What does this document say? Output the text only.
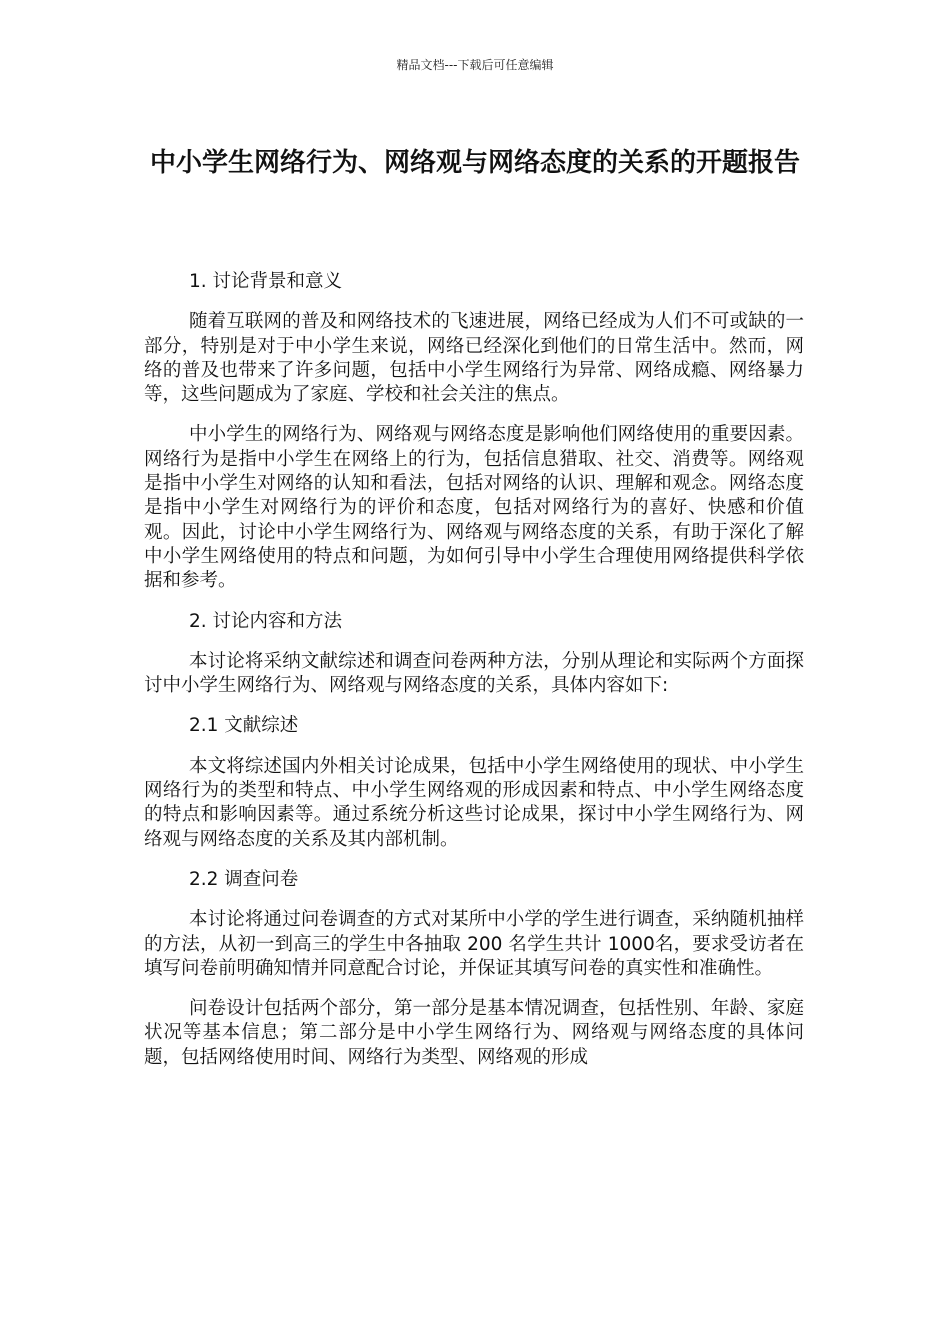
精品文档---下载后可任意编辑
中小学生网络行为、网络观与网络态度的关系的开题报告
1. 讨论背景和意义

随着互联网的普及和网络技术的飞速进展，网络已经成为人们不可或缺的一部分，特别是对于中小学生来说，网络已经深化到他们的日常生活中。然而，网络的普及也带来了许多问题，包括中小学生网络行为异常、网络成瘾、网络暴力等，这些问题成为了家庭、学校和社会关注的焦点。

中小学生的网络行为、网络观与网络态度是影响他们网络使用的重要因素。网络行为是指中小学生在网络上的行为，包括信息猎取、社交、消费等。网络观是指中小学生对网络的认知和看法，包括对网络的认识、理解和观念。网络态度是指中小学生对网络行为的评价和态度，包括对网络行为的喜好、快感和价值观。因此，讨论中小学生网络行为、网络观与网络态度的关系，有助于深化了解中小学生网络使用的特点和问题，为如何引导中小学生合理使用网络提供科学依据和参考。

2. 讨论内容和方法

本讨论将采纳文献综述和调查问卷两种方法，分别从理论和实际两个方面探讨中小学生网络行为、网络观与网络态度的关系，具体内容如下:

2.1 文献综述

本文将综述国内外相关讨论成果，包括中小学生网络使用的现状、中小学生网络行为的类型和特点、中小学生网络观的形成因素和特点、中小学生网络态度的特点和影响因素等。通过系统分析这些讨论成果，探讨中小学生网络行为、网络观与网络态度的关系及其内部机制。

2.2 调查问卷

本讨论将通过问卷调查的方式对某所中小学的学生进行调查，采纳随机抽样的方法，从初一到高三的学生中各抽取 200 名学生共计 1000名，要求受访者在填写问卷前明确知情并同意配合讨论，并保证其填写问卷的真实性和准确性。

问卷设计包括两个部分，第一部分是基本情况调查，包括性别、年龄、家庭状况等基本信息；第二部分是中小学生网络行为、网络观与网络态度的具体问题，包括网络使用时间、网络行为类型、网络观的形成
